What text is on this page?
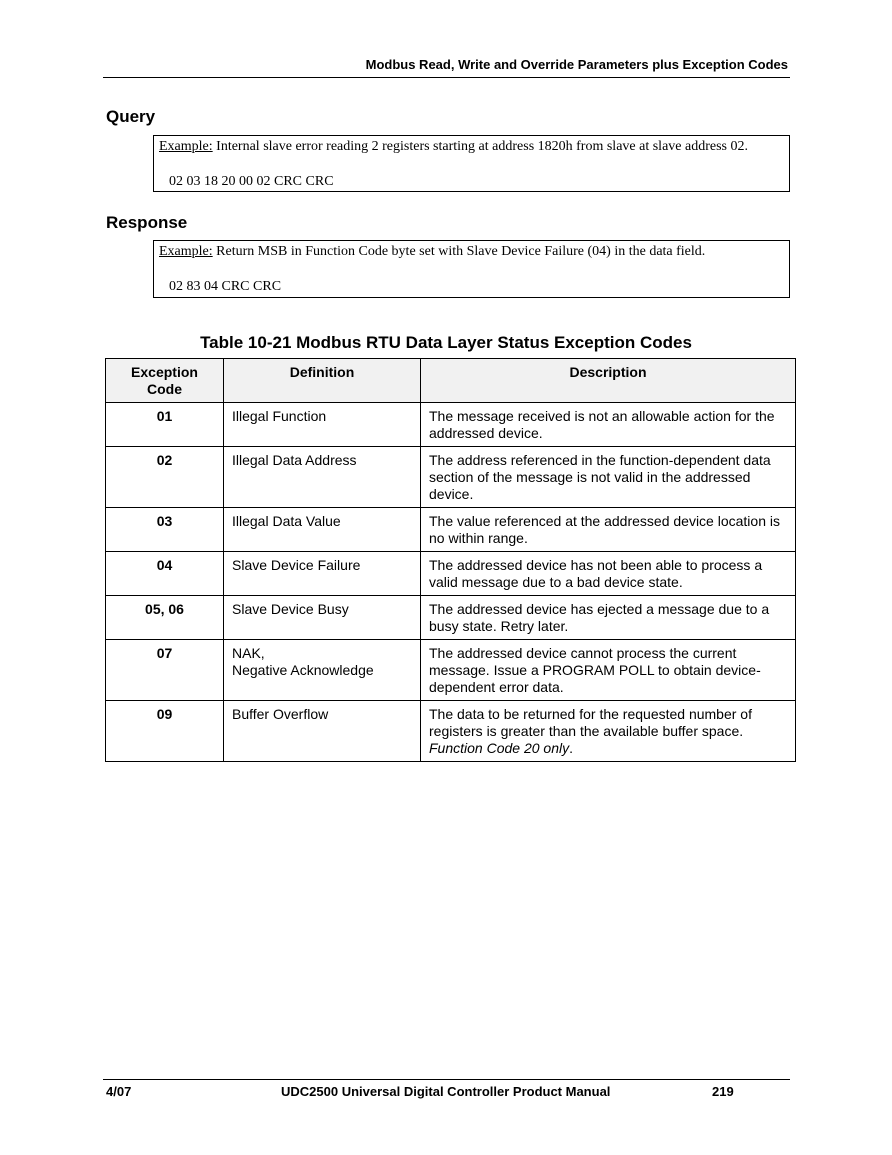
Modbus Read, Write and Override Parameters plus Exception Codes
Query
Example: Internal slave error reading 2 registers starting at address 1820h from slave at slave address 02.
02 03 18 20 00 02 CRC CRC
Response
Example: Return MSB in Function Code byte set with Slave Device Failure (04) in the data field.
02 83 04 CRC CRC
Table 10-21 Modbus RTU Data Layer Status Exception Codes
Exception Code	Definition	Description
01	Illegal Function	The message received is not an allowable action for the addressed device.
02	Illegal Data Address	The address referenced in the function-dependent data section of the message is not valid in the addressed device.
03	Illegal Data Value	The value referenced at the addressed device location is no within range.
04	Slave Device Failure	The addressed device has not been able to process a valid message due to a bad device state.
05, 06	Slave Device Busy	The addressed device has ejected a message due to a busy state. Retry later.
07	NAK,
Negative Acknowledge	The addressed device cannot process the current message. Issue a PROGRAM POLL to obtain device-dependent error data.
09	Buffer Overflow	The data to be returned for the requested number of registers is greater than the available buffer space. Function Code 20 only.
4/07	UDC2500 Universal Digital Controller Product Manual	219
